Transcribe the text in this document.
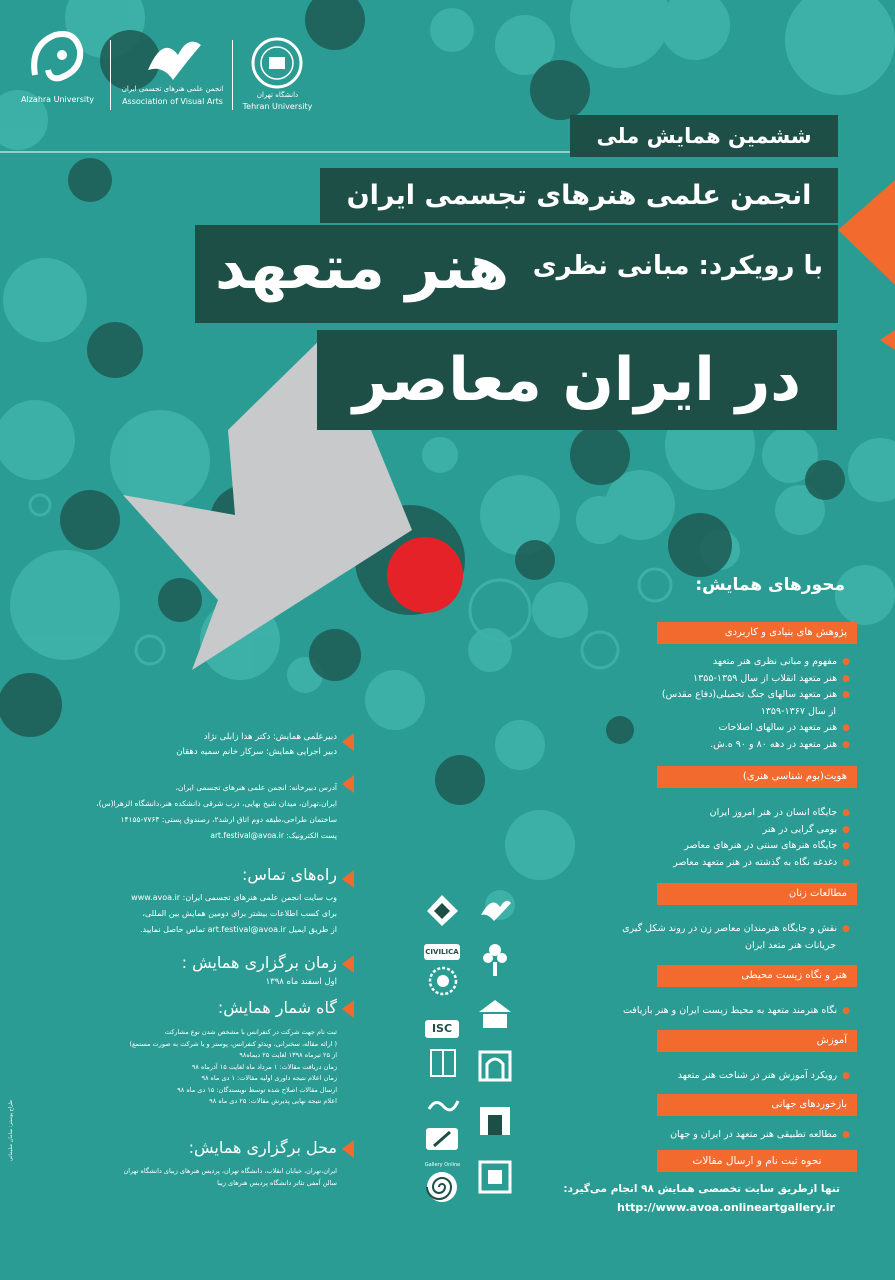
Alzahra University
انجمن علمی هنرهای تجسمی ایران
Association of Visual Arts
دانشگاه تهران
Tehran University
ششمین همایش ملی
انجمن علمی هنرهای تجسمی ایران
با رویکرد: مبانی نظری
هنر متعهد
در ایران معاصر
محورهای همایش:
پژوهش های بنیادی و کاربردی
● مفهوم و مبانی نظری هنر متعهد
● هنر متعهد انقلاب از سال ۱۳۵۹-۱۳۵۵
● هنر متعهد سالهای جنگ تحمیلی(دفاع مقدس)
از سال ۱۳۶۷-۱۳۵۹
● هنر متعهد در سالهای اصلاحات
● هنر متعهد در دهه ۸۰ و ۹۰ ه.ش.
هویت(بوم شناسی هنری)
● جایگاه انسان در هنر امروز ایران
● بومی گرایی در هنر
● جایگاه هنرهای سنتی در هنرهای معاصر
● دغدغه نگاه به گذشته در هنر متعهد معاصر
مطالعات زنان
● نقش و جایگاه هنرمندان معاصر زن در روند شکل گیری
جریانات هنر متعد ایران
هنر و نگاه زیست محیطی
● نگاه هنرمند متعهد به محیط زیست ایران و هنر بازیافت
آموزش
● رویکرد آموزش هنر در شناخت هنر متعهد
بازخوردهای جهانی
● مطالعه تطبیقی هنر متعهد در ایران و جهان
نحوه ثبت نام و ارسال مقالات
تنها ازطریق سایت تخصصی همایش ۹۸ انجام می‌گیرد:
http://www.avoa.onlineartgallery.ir
دبیرعلمی همایش: دکتر هدا زابلی نژاد
دبیر اجرایی همایش: سرکار خانم سمیه دهقان
آدرس دبیرخانه: انجمن علمی هنرهای تجسمی ایران،
ایران،تهران، میدان شیخ بهایی، درب شرقی دانشکده هنر،دانشگاه الزهرا(س)،
ساختمان طراحی،طبقه دوم اتاق ارشد۲، رصندوق پستی: ۷۷۶۴-۱۴۱۵۵
پست الکترونیک: art.festival@avoa.ir
راه‌های تماس:
وب سایت انجمن علمی هنرهای تجسمی ایران: www.avoa.ir
برای کسب اطلاعات بیشتر برای دومین همایش بین المللی،
از طریق ایمیل art.festival@avoa.ir تماس حاصل نمایید.
زمان برگزاری همایش :
اول اسفند ماه ۱۳۹۸
گاه شمار همایش:
ثبت نام جهت شرکت در کنفرانس با مشخص شدن نوع مشارکت
( ارائه مقاله، سخنرانی، ویدئو کنفرانس، پوستر و یا شرکت به صورت مستمع)
از ۲۵ تیرماه ۱۳۹۸ لغایت ۲۵ دیماه۹۸
زمان دریافت مقالات: ۱ مرداد ماه لغایت ۱۵ آذرماه ۹۸
زمان اعلام نتیجه داوری اولیه مقالات: ۱ دی ماه ۹۸
ارسال مقالات اصلاح شده توسط نویسندگان: ۱۵ دی ماه ۹۸
اعلام نتیجه نهایی پذیرش مقالات: ۲۵ دی ماه ۹۸
محل برگزاری همایش:
ایران،تهران، خیابان انقلاب، دانشگاه تهران، پردیس هنرهای زیبای دانشگاه تهران
سالن آمفی تئاتر دانشگاه پردیس هنرهای زیبا
طراح پوستر: سامان سلیمانی
CIVILICA
ISC
Gallery Online
